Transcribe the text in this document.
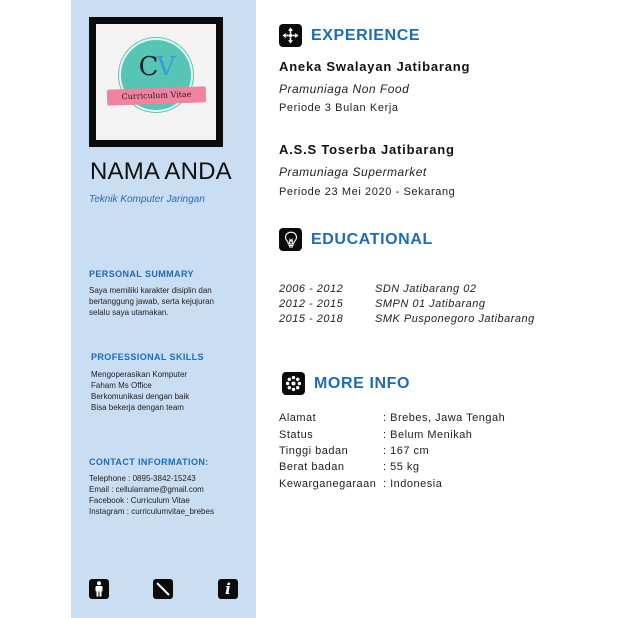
CV
Curriculum Vitae
NAMA ANDA
Teknik Komputer Jaringan
PERSONAL SUMMARY
Saya memiliki karakter disiplin dan
bertanggung jawab, serta kejujuran
selalu saya utamakan.
PROFESSIONAL SKILLS
Mengoperasikan Komputer
Faham Ms Office
Berkomunikasi dengan baik
Bisa bekerja dengan team
CONTACT INFORMATION:
Telephone : 0895-3842-15243
Email : cellularrame@gmail.com
Facebook : Curriculum Vitae
Instagram : curriculumvitae_brebes
i
EXPERIENCE
Aneka Swalayan Jatibarang
Pramuniaga Non Food
Periode 3 Bulan Kerja
A.S.S Toserba Jatibarang
Pramuniaga Supermarket
Periode 23 Mei 2020 - Sekarang
EDUCATIONAL
2006 - 2012	SDN Jatibarang 02
2012 - 2015	SMPN 01 Jatibarang
2015 - 2018	SMK Pusponegoro Jatibarang
MORE INFO
Alamat	: Brebes, Jawa Tengah
Status	: Belum Menikah
Tinggi badan	: 167 cm
Berat badan	: 55 kg
Kewarganegaraan : Indonesia
